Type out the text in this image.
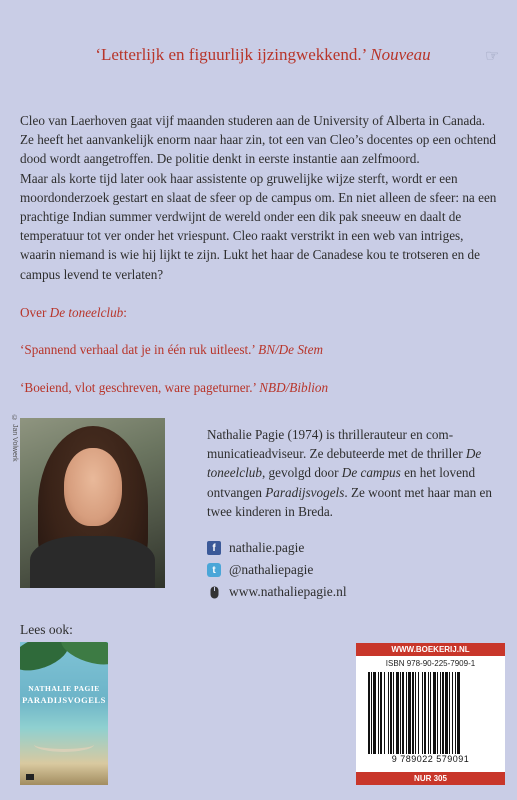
‘Letterlijk en figuurlijk ijzingwekkend.’ Nouveau	☞

Cleo van Laerhoven gaat vijf maanden studeren aan de University of Alberta in Canada. Ze heeft het aanvankelijk enorm naar haar zin, tot een van Cleo’s docentes op een ochtend dood wordt aangetroffen. De politie denkt in eerste instantie aan zelfmoord.

Maar als korte tijd later ook haar assistente op gruwelijke wijze sterft, wordt er een moordonderzoek gestart en slaat de sfeer op de campus om. En niet alleen de sfeer: na een prachtige Indian summer verdwijnt de wereld onder een dik pak sneeuw en daalt de temperatuur tot ver onder het vriespunt. Cleo raakt verstrikt in een web van intriges, waarin niemand is wie hij lijkt te zijn. Lukt het haar de Canadese kou te trotseren en de campus levend te verlaten?

Over De toneelclub:
‘Spannend verhaal dat je in één ruk uitleest.’ BN/De Stem
‘Boeiend, vlot geschreven, ware pageturner.’ NBD/Biblion
© Jan Volwerk	Nathalie Pagie (1974) is thrillerauteur en communicatieadviseur. Ze debuteerde met de thriller De toneelclub, gevolgd door De campus en het lovend ontvangen Paradijsvogels. Ze woont met haar man en twee kinderen in Breda.

f nathalie.pagie
t @nathaliepagie
www.nathaliepagie.nl
Lees ook:
NATHALIE PAGIE
PARADIJSVOGELS
WWW.BOEKERIJ.NL
ISBN 978-90-225-7909-1
9 789022 579091
NUR 305
